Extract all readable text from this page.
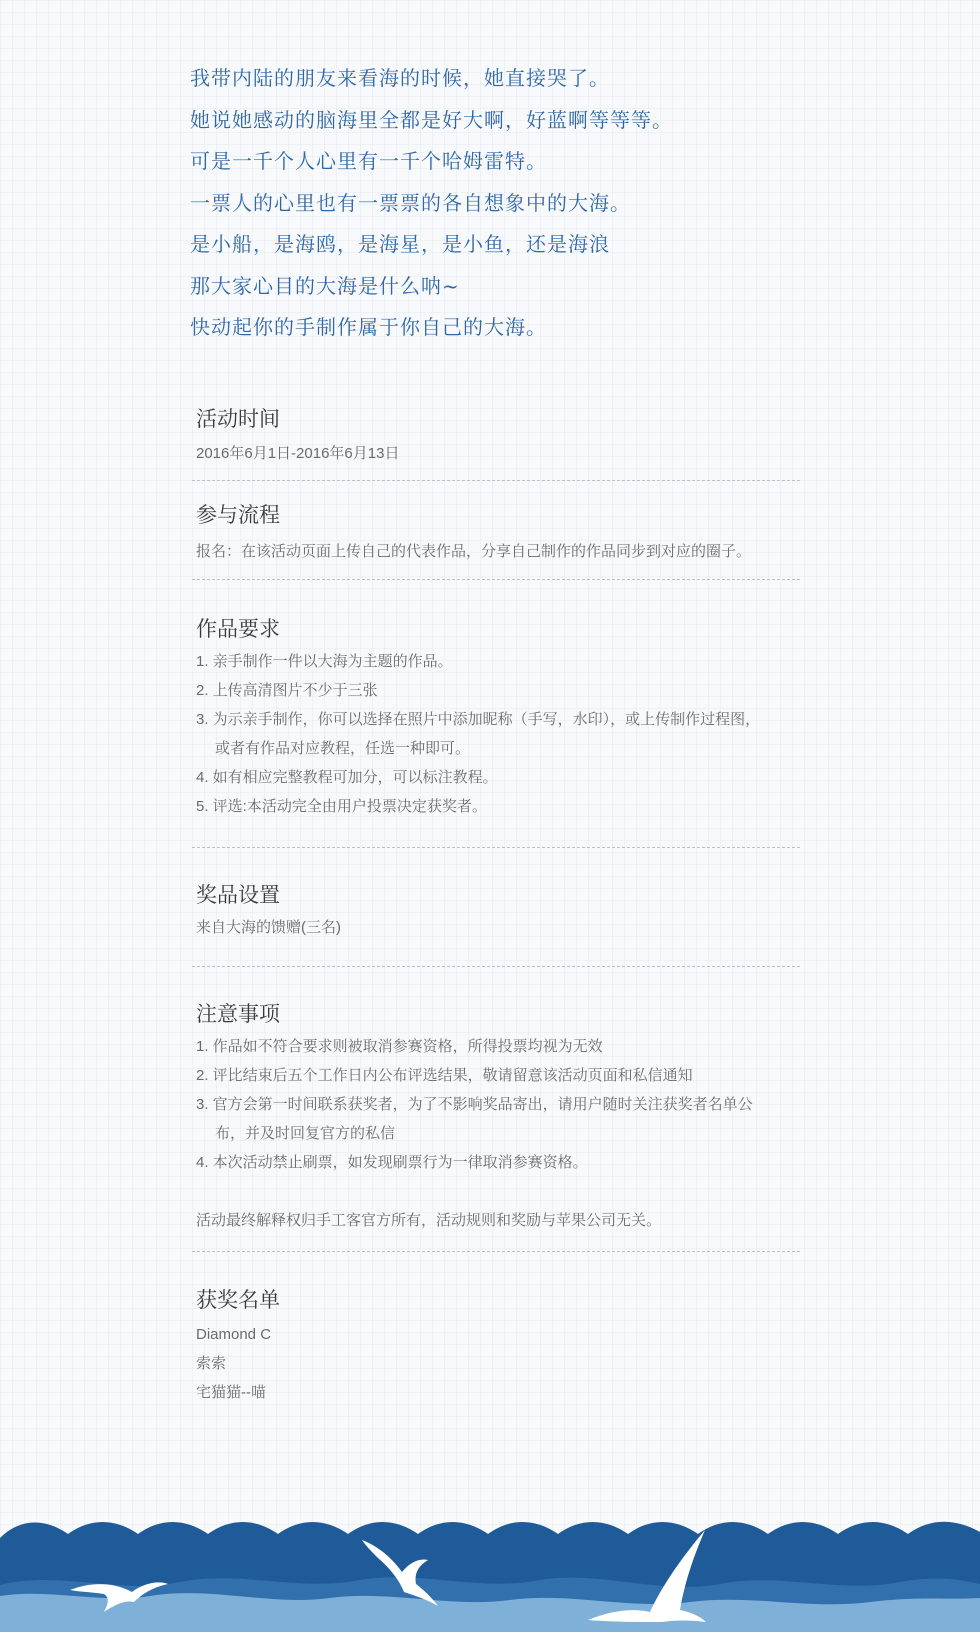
我带内陆的朋友来看海的时候，她直接哭了。
她说她感动的脑海里全都是好大啊，好蓝啊等等等。
可是一千个人心里有一千个哈姆雷特。
一票人的心里也有一票票的各自想象中的大海。
是小船，是海鸥，是海星，是小鱼，还是海浪
那大家心目的大海是什么呐~
快动起你的手制作属于你自己的大海。
活动时间
2016年6月1日-2016年6月13日
参与流程
报名：在该活动页面上传自己的代表作品，分享自己制作的作品同步到对应的圈子。
作品要求
1. 亲手制作一件以大海为主题的作品。
2. 上传高清图片不少于三张
3. 为示亲手制作，你可以选择在照片中添加昵称（手写，水印），或上传制作过程图，或者有作品对应教程，任选一种即可。
4. 如有相应完整教程可加分，可以标注教程。
5. 评选:本活动完全由用户投票决定获奖者。
奖品设置
来自大海的馈赠(三名)
注意事项
1. 作品如不符合要求则被取消参赛资格，所得投票均视为无效
2. 评比结束后五个工作日内公布评选结果，敬请留意该活动页面和私信通知
3. 官方会第一时间联系获奖者，为了不影响奖品寄出，请用户随时关注获奖者名单公布，并及时回复官方的私信
4. 本次活动禁止刷票，如发现刷票行为一律取消参赛资格。
活动最终解释权归手工客官方所有，活动规则和奖励与苹果公司无关。
获奖名单
Diamond C
索索
宅猫猫--喵
